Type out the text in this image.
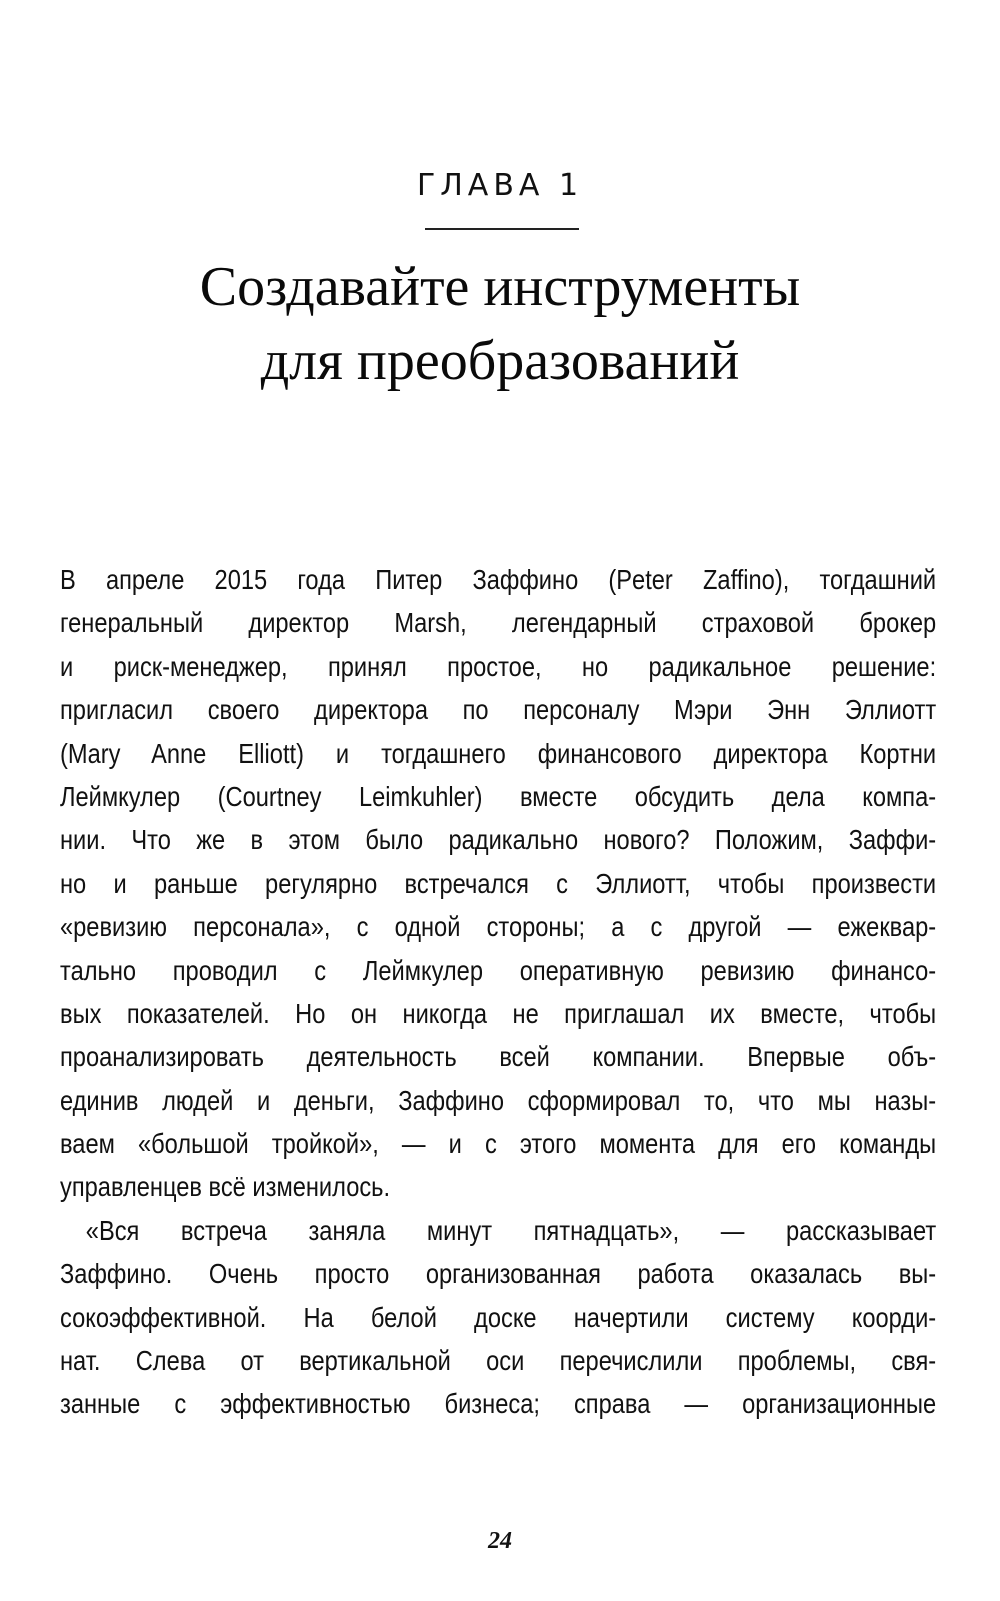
ГЛАВА 1
Создавайте инструменты
для преобразований
В апреле 2015 года Питер Заффино (Peter Zaffino), тогдашний
генеральный директор Marsh, легендарный страховой брокер
и риск-менеджер, принял простое, но радикальное решение:
пригласил своего директора по персоналу Мэри Энн Эллиотт
(Mary Anne Elliott) и тогдашнего финансового директора Кортни
Леймкулер (Courtney Leimkuhler) вместе обсудить дела компа-
нии. Что же в этом было радикально нового? Положим, Заффи-
но и раньше регулярно встречался с Эллиотт, чтобы произвести
«ревизию персонала», с одной стороны; а с другой — ежеквар-
тально проводил с Леймкулер оперативную ревизию финансо-
вых показателей. Но он никогда не приглашал их вместе, чтобы
проанализировать деятельность всей компании. Впервые объ-
единив людей и деньги, Заффино сформировал то, что мы назы-
ваем «большой тройкой», — и с этого момента для его команды
управленцев всё изменилось.
«Вся встреча заняла минут пятнадцать», — рассказывает
Заффино. Очень просто организованная работа оказалась вы-
сокоэффективной. На белой доске начертили систему коорди-
нат. Слева от вертикальной оси перечислили проблемы, свя-
занные с эффективностью бизнеса; справа — организационные
24
